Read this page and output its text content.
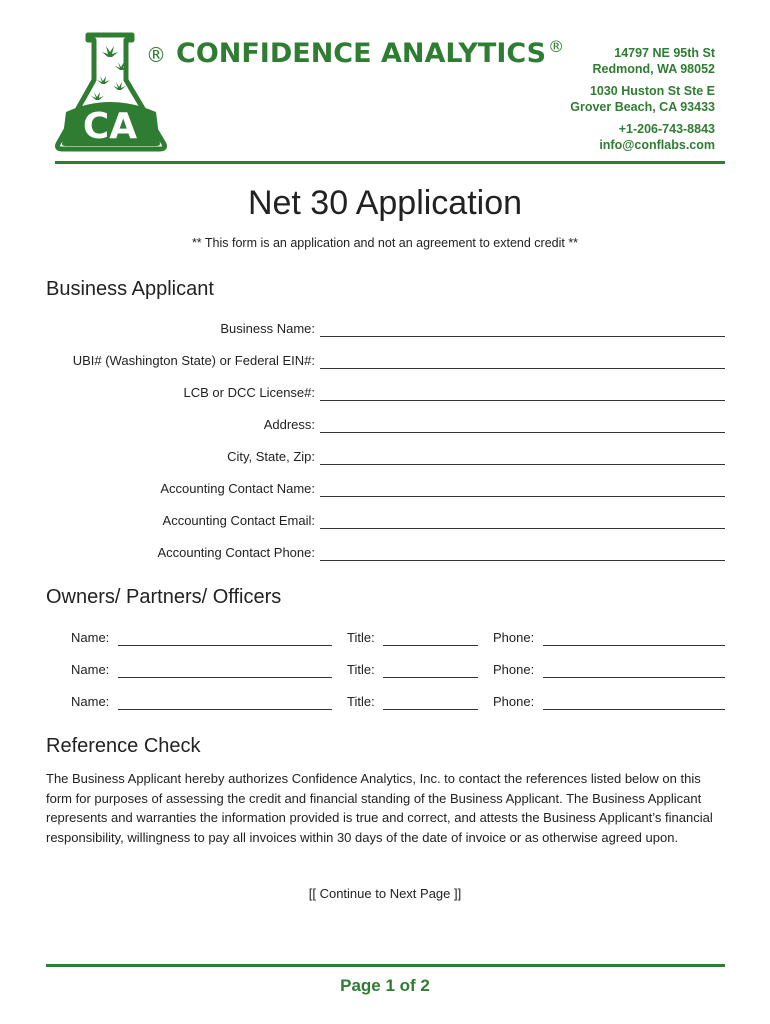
CA
® CONFIDENCE ANALYTICS ®	14797 NE 95th St
Redmond, WA 98052
1030 Huston St Ste E
Grover Beach, CA 93433
+1-206-743-8843
info@conflabs.com
Net 30 Application
** This form is an application and not an agreement to extend credit **
Business Applicant
Business Name:
UBI# (Washington State) or Federal EIN#:
LCB or DCC License#:
Address:
City, State, Zip:
Accounting Contact Name:
Accounting Contact Email:
Accounting Contact Phone:
Owners/ Partners/ Officers
Name:	Title:	Phone:
Name:	Title:	Phone:
Name:	Title:	Phone:
Reference Check
The Business Applicant hereby authorizes Confidence Analytics, Inc. to contact the references listed below on this form for purposes of assessing the credit and financial standing of the Business Applicant. The Business Applicant represents and warranties the information provided is true and correct, and attests the Business Applicant’s financial responsibility, willingness to pay all invoices within 30 days of the date of invoice or as otherwise agreed upon.
[[ Continue to Next Page ]]
Page 1 of 2
